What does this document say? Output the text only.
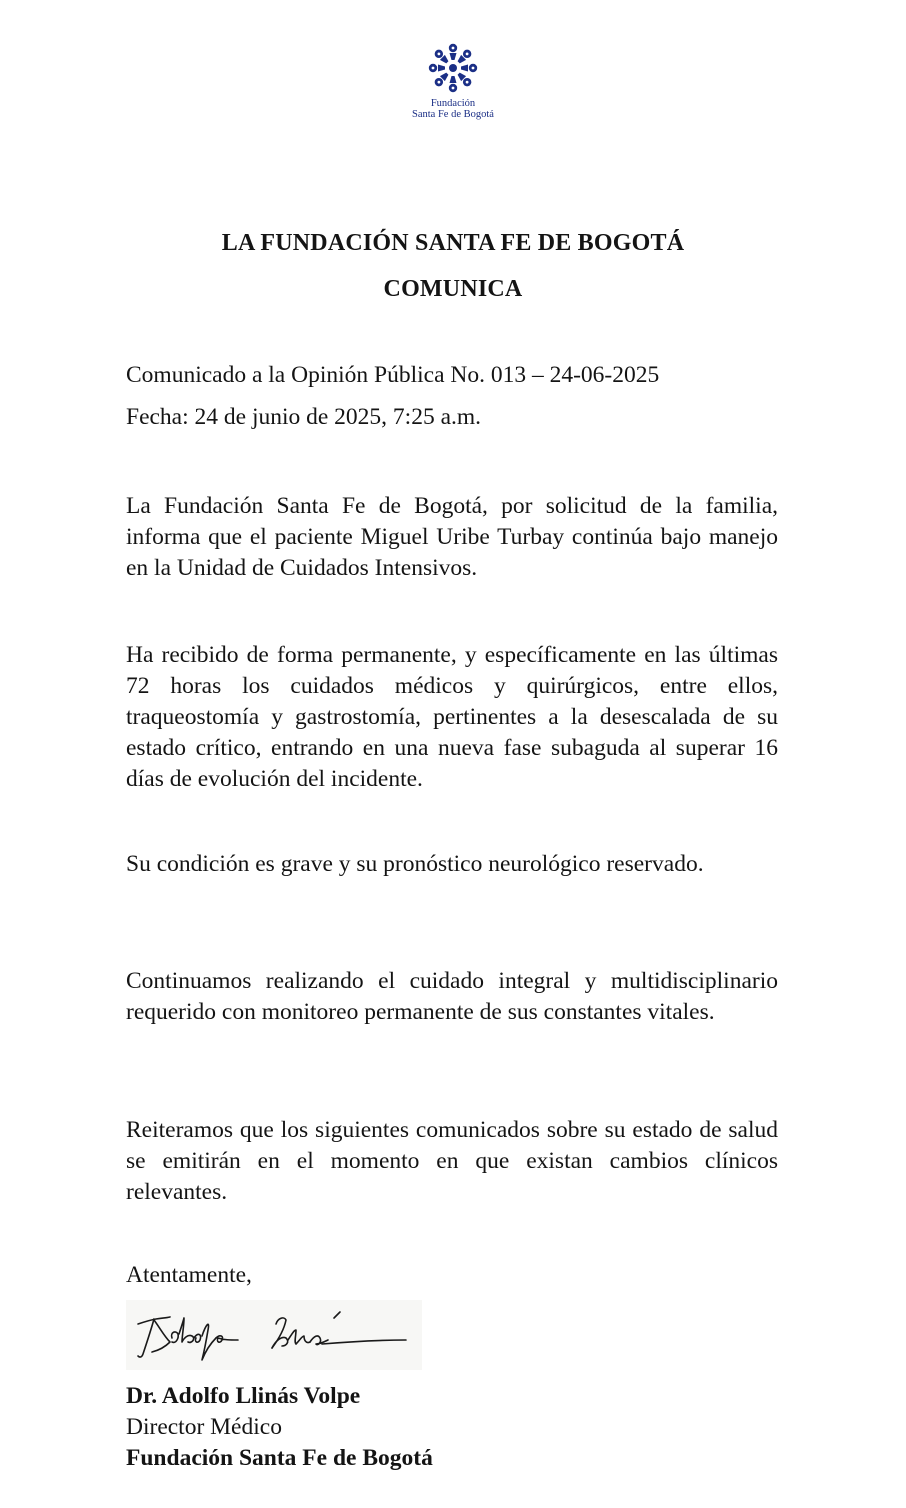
Fundación
Santa Fe de Bogotá
LA FUNDACIÓN SANTA FE DE BOGOTÁ
COMUNICA
Comunicado a la Opinión Pública No. 013 – 24-06-2025
Fecha: 24 de junio de 2025, 7:25 a.m.
La Fundación Santa Fe de Bogotá, por solicitud de la familia, informa que el paciente Miguel Uribe Turbay continúa bajo manejo en la Unidad de Cuidados Intensivos.
Ha recibido de forma permanente, y específicamente en las últimas 72 horas los cuidados médicos y quirúrgicos, entre ellos, traqueostomía y gastrostomía, pertinentes a la desescalada de su estado crítico, entrando en una nueva fase subaguda al superar 16 días de evolución del incidente.
Su condición es grave y su pronóstico neurológico reservado.
Continuamos realizando el cuidado integral y multidisciplinario requerido con monitoreo permanente de sus constantes vitales.
Reiteramos que los siguientes comunicados sobre su estado de salud se emitirán en el momento en que existan cambios clínicos relevantes.
Atentamente,
Dr. Adolfo Llinás Volpe
Director Médico
Fundación Santa Fe de Bogotá
